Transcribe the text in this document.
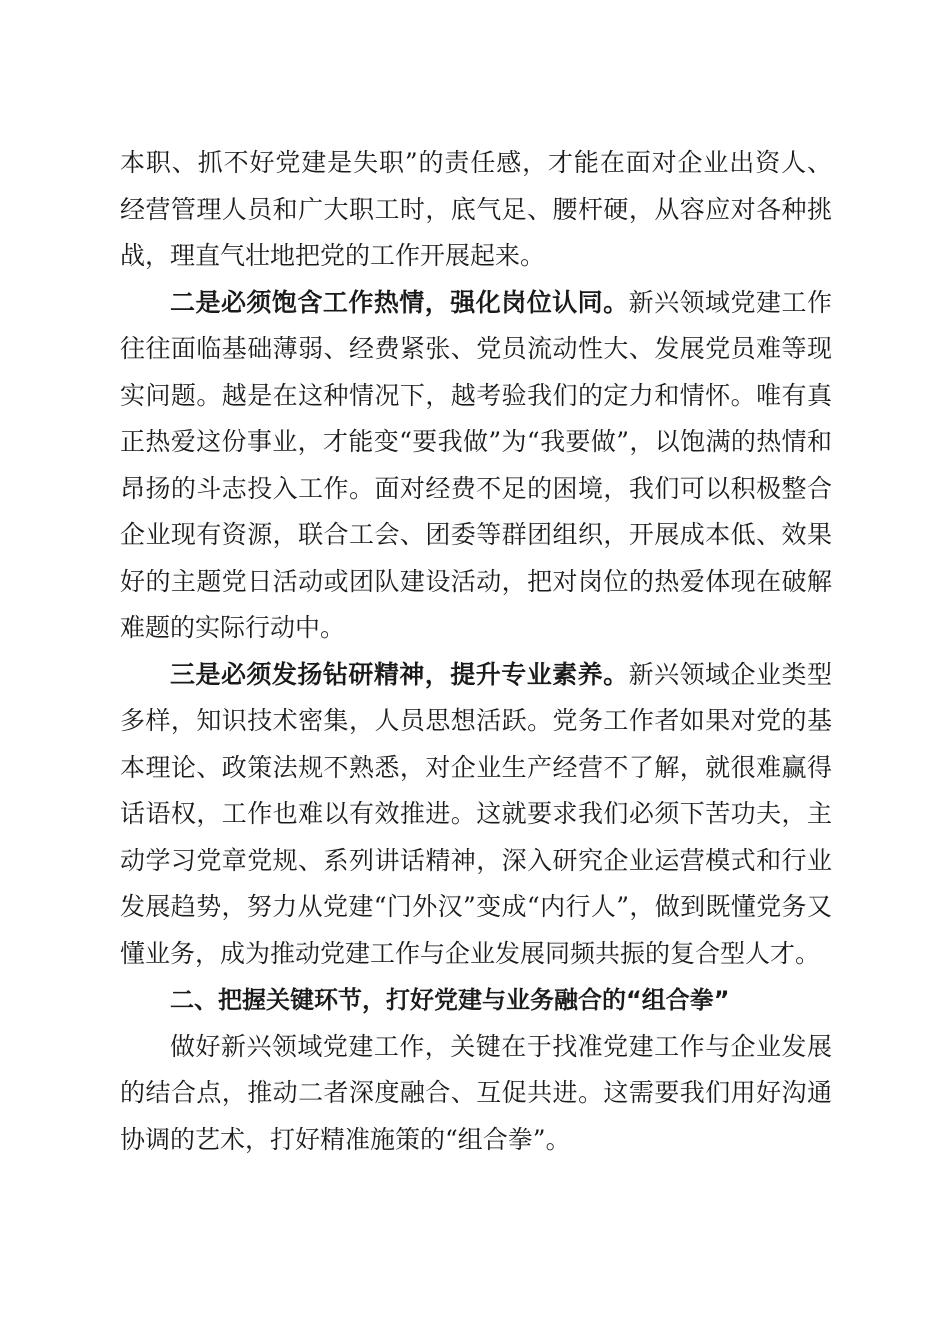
本职、抓不好党建是失职”的责任感，才能在面对企业出资人、经营管理人员和广大职工时，底气足、腰杆硬，从容应对各种挑战，理直气壮地把党的工作开展起来。

二是必须饱含工作热情，强化岗位认同。新兴领域党建工作往往面临基础薄弱、经费紧张、党员流动性大、发展党员难等现实问题。越是在这种情况下，越考验我们的定力和情怀。唯有真正热爱这份事业，才能变“要我做”为“我要做”，以饱满的热情和昂扬的斗志投入工作。面对经费不足的困境，我们可以积极整合企业现有资源，联合工会、团委等群团组织，开展成本低、效果好的主题党日活动或团队建设活动，把对岗位的热爱体现在破解难题的实际行动中。

三是必须发扬钻研精神，提升专业素养。新兴领域企业类型多样，知识技术密集，人员思想活跃。党务工作者如果对党的基本理论、政策法规不熟悉，对企业生产经营不了解，就很难赢得话语权，工作也难以有效推进。这就要求我们必须下苦功夫，主动学习党章党规、系列讲话精神，深入研究企业运营模式和行业发展趋势，努力从党建“门外汉”变成“内行人”，做到既懂党务又懂业务，成为推动党建工作与企业发展同频共振的复合型人才。

二、把握关键环节，打好党建与业务融合的“组合拳”

做好新兴领域党建工作，关键在于找准党建工作与企业发展的结合点，推动二者深度融合、互促共进。这需要我们用好沟通协调的艺术，打好精准施策的“组合拳”。
